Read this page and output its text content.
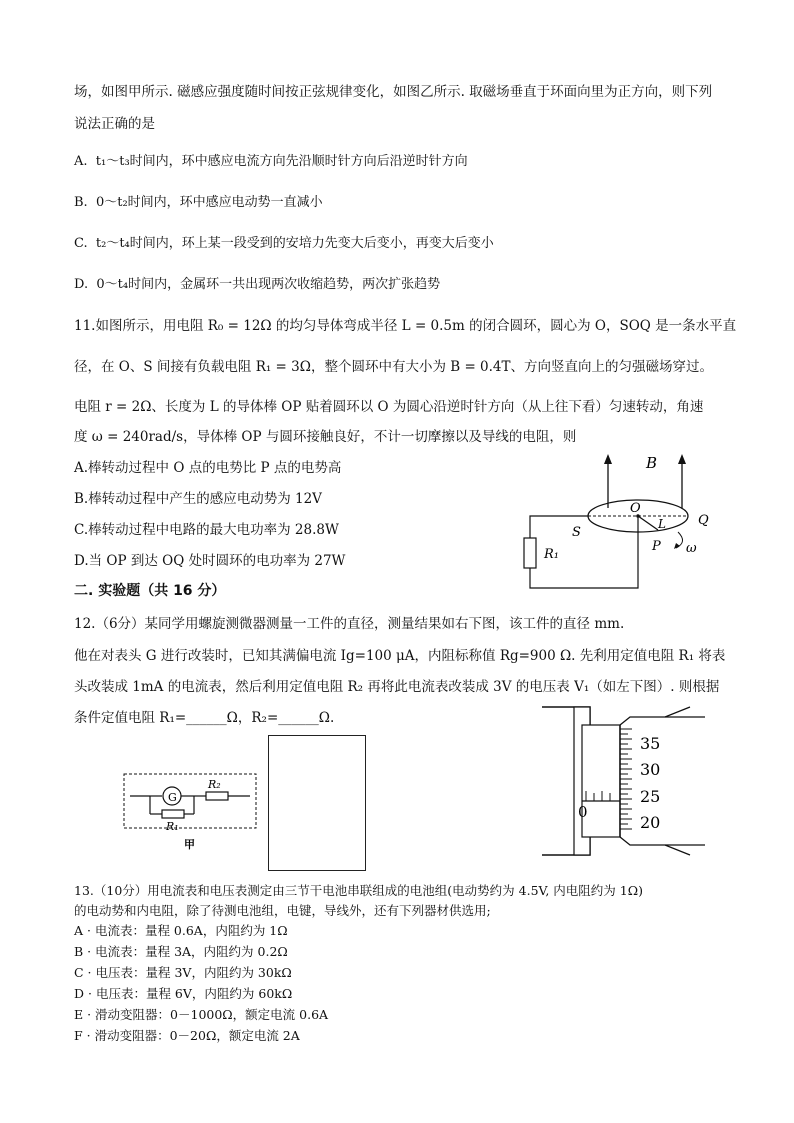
场，如图甲所示. 磁感应强度随时间按正弦规律变化，如图乙所示. 取磁场垂直于环面向里为正方向，则下列
说法正确的是
A. t₁～t₃时间内，环中感应电流方向先沿顺时针方向后沿逆时针方向
B. 0～t₂时间内，环中感应电动势一直减小
C. t₂～t₄时间内，环上某一段受到的安培力先变大后变小，再变大后变小
D. 0～t₄时间内，金属环一共出现两次收缩趋势，两次扩张趋势
11.如图所示，用电阻 R₀ = 12Ω 的均匀导体弯成半径 L = 0.5m 的闭合圆环，圆心为 O，SOQ 是一条水平直
径，在 O、S 间接有负载电阻 R₁ = 3Ω，整个圆环中有大小为 B = 0.4T、方向竖直向上的匀强磁场穿过。
电阻 r = 2Ω、长度为 L 的导体棒 OP 贴着圆环以 O 为圆心沿逆时针方向（从上往下看）匀速转动，角速
度 ω = 240rad/s，导体棒 OP 与圆环接触良好，不计一切摩擦以及导线的电阻，则
A.棒转动过程中 O 点的电势比 P 点的电势高
B.棒转动过程中产生的感应电动势为 12V
C.棒转动过程中电路的最大电功率为 28.8W
D.当 OP 到达 OQ 处时圆环的电功率为 27W
B
O
S
Q
L
P ω
R₁
二. 实验题（共 16 分）
12.（6分）某同学用螺旋测微器测量一工件的直径，测量结果如右下图，该工件的直径 mm.
他在对表头 G 进行改装时，已知其满偏电流 Ig=100 μA，内阻标称值 Rg=900 Ω. 先利用定值电阻 R₁ 将表
头改装成 1mA 的电流表，然后利用定值电阻 R₂ 再将此电流表改装成 3V 的电压表 V₁（如左下图）. 则根据
条件定值电阻 R₁=______Ω，R₂=______Ω.
G
R₁
R₂
甲
0
35
30
25
20
13.（10分）用电流表和电压表测定由三节干电池串联组成的电池组(电动势约为 4.5V, 内电阻约为 1Ω)
的电动势和内电阻，除了待测电池组，电键，导线外，还有下列器材供选用;
A · 电流表：量程 0.6A，内阻约为 1Ω
B · 电流表：量程 3A，内阻约为 0.2Ω
C · 电压表：量程 3V，内阻约为 30kΩ
D · 电压表：量程 6V，内阻约为 60kΩ
E · 滑动变阻器：0－1000Ω，额定电流 0.6A
F · 滑动变阻器：0－20Ω，额定电流 2A
